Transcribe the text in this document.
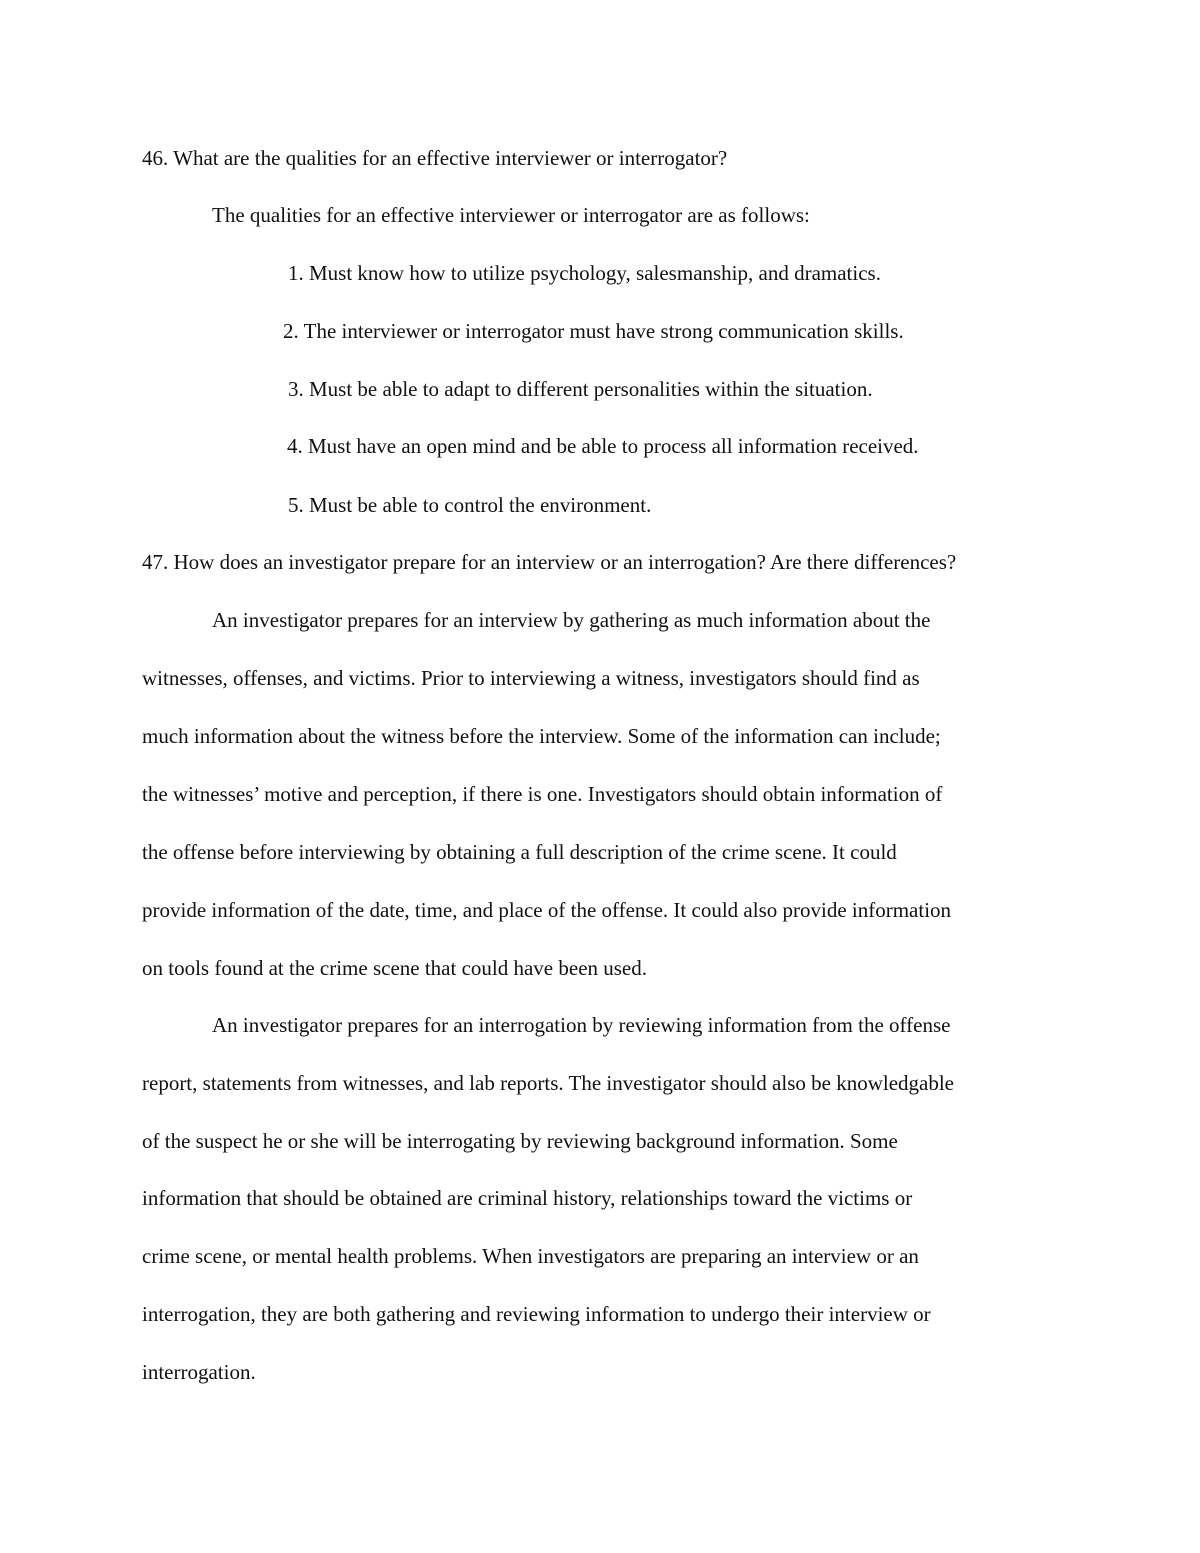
46. What are the qualities for an effective interviewer or interrogator?

The qualities for an effective interviewer or interrogator are as follows:

1. Must know how to utilize psychology, salesmanship, and dramatics.

2. The interviewer or interrogator must have strong communication skills.

3. Must be able to adapt to different personalities within the situation.

4. Must have an open mind and be able to process all information received.

5. Must be able to control the environment.

47. How does an investigator prepare for an interview or an interrogation? Are there differences?

An investigator prepares for an interview by gathering as much information about the

witnesses, offenses, and victims. Prior to interviewing a witness, investigators should find as

much information about the witness before the interview. Some of the information can include;

the witnesses’ motive and perception, if there is one. Investigators should obtain information of

the offense before interviewing by obtaining a full description of the crime scene. It could

provide information of the date, time, and place of the offense. It could also provide information

on tools found at the crime scene that could have been used.

An investigator prepares for an interrogation by reviewing information from the offense

report, statements from witnesses, and lab reports. The investigator should also be knowledgable

of the suspect he or she will be interrogating by reviewing background information. Some

information that should be obtained are criminal history, relationships toward the victims or

crime scene, or mental health problems. When investigators are preparing an interview or an

interrogation, they are both gathering and reviewing information to undergo their interview or

interrogation.
